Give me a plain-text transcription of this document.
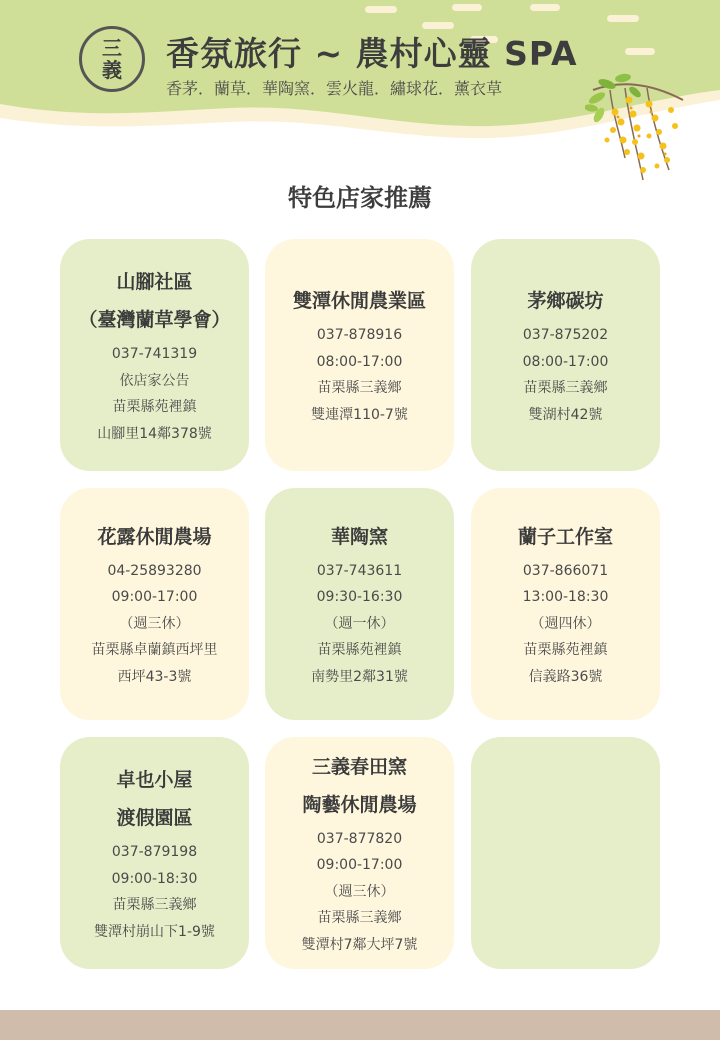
三
義 香氛旅行 ~ 農村心靈 SPA
香茅．蘭草．華陶窯．雲火龍．繡球花．薰衣草
特色店家推薦
山腳社區
（臺灣蘭草學會）
037-741319
依店家公告
苗栗縣苑裡鎮
山腳里14鄰378號
雙潭休閒農業區
037-878916
08:00-17:00
苗栗縣三義鄉
雙連潭110-7號
茅鄉碳坊
037-875202
08:00-17:00
苗栗縣三義鄉
雙湖村42號
花露休閒農場
04-25893280
09:00-17:00
（週三休）
苗栗縣卓蘭鎮西坪里
西坪43-3號
華陶窯
037-743611
09:30-16:30
（週一休）
苗栗縣苑裡鎮
南勢里2鄰31號
蘭子工作室
037-866071
13:00-18:30
（週四休）
苗栗縣苑裡鎮
信義路36號
卓也小屋
渡假園區
037-879198
09:00-18:30
苗栗縣三義鄉
雙潭村崩山下1-9號
三義春田窯
陶藝休閒農場
037-877820
09:00-17:00
（週三休）
苗栗縣三義鄉
雙潭村7鄰大坪7號
